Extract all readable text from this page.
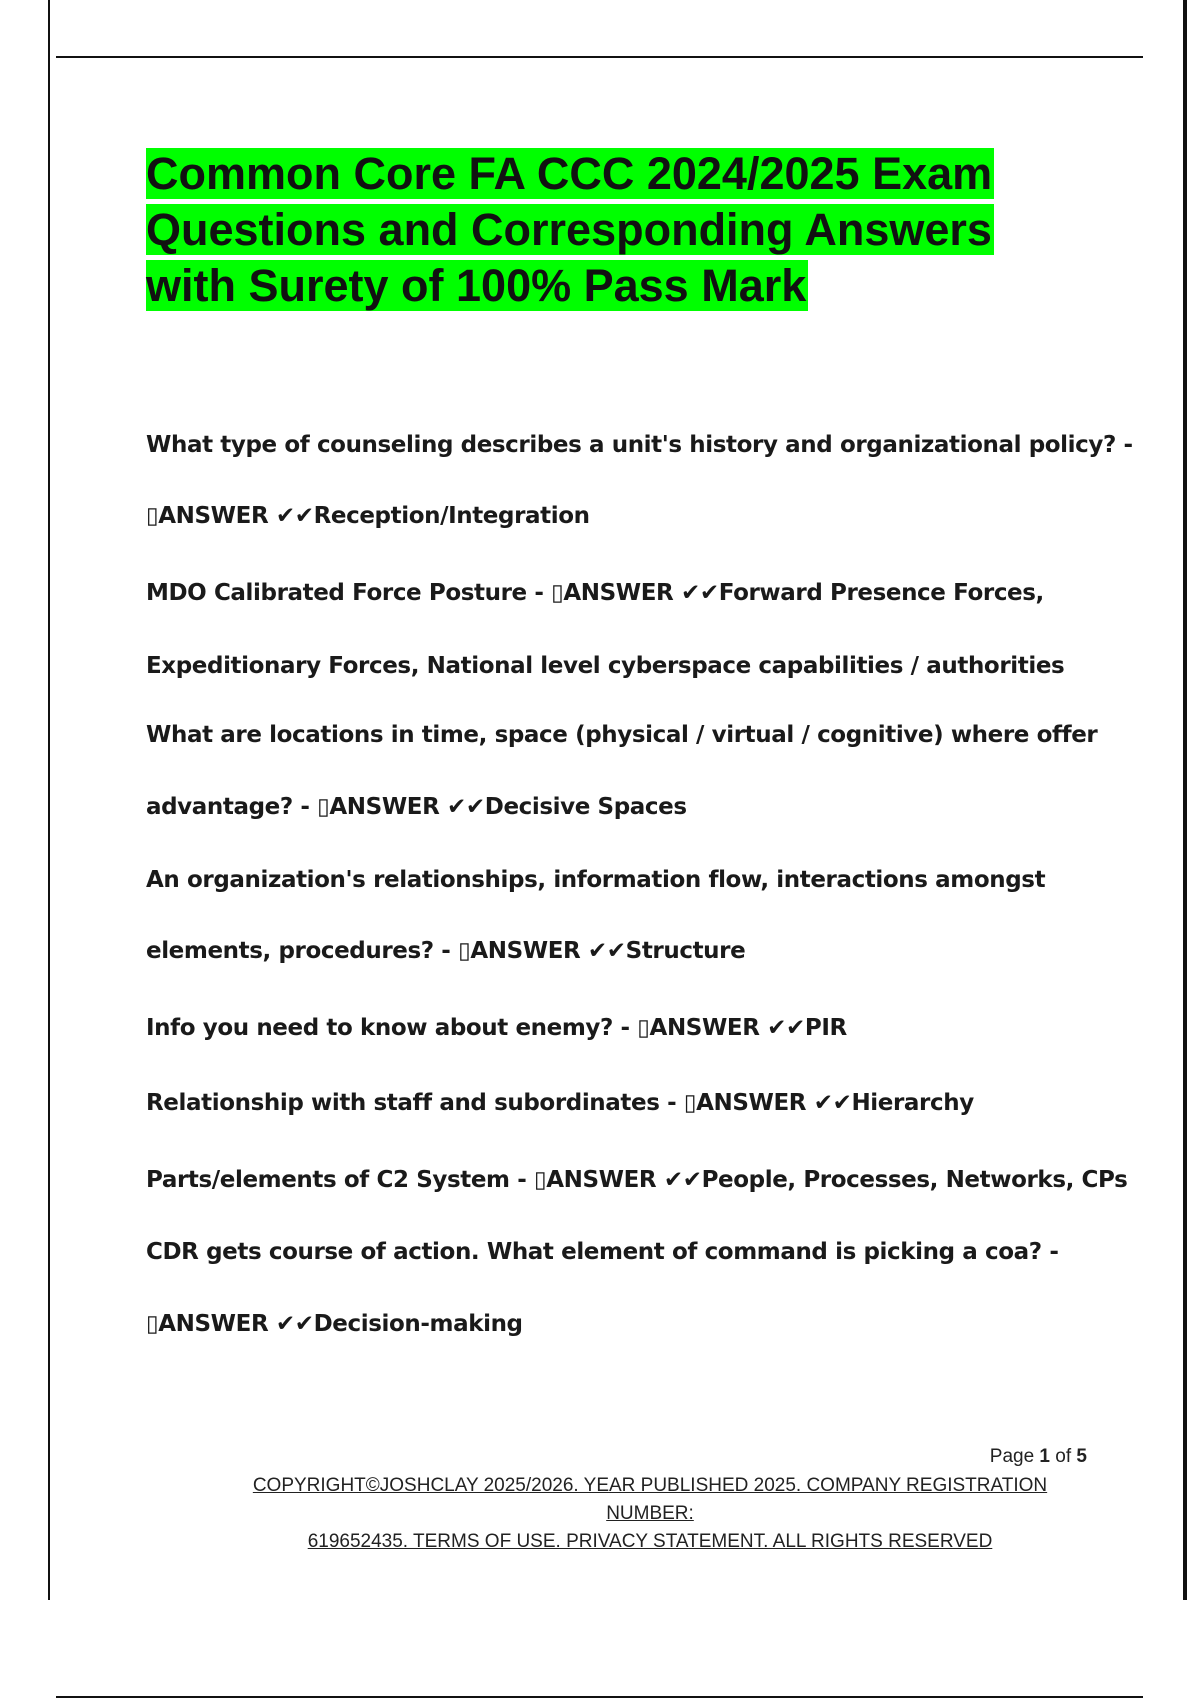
Common Core FA CCC 2024/2025 Exam
Questions and Corresponding Answers
with Surety of 100% Pass Mark

What type of counseling describes a unit's history and organizational policy? -

▯ANSWER ✔✔Reception/Integration

MDO Calibrated Force Posture - ▯ANSWER ✔✔Forward Presence Forces,

Expeditionary Forces, National level cyberspace capabilities / authorities

What are locations in time, space (physical / virtual / cognitive) where offer

advantage? - ▯ANSWER ✔✔Decisive Spaces

An organization's relationships, information flow, interactions amongst

elements, procedures? - ▯ANSWER ✔✔Structure

Info you need to know about enemy? - ▯ANSWER ✔✔PIR

Relationship with staff and subordinates - ▯ANSWER ✔✔Hierarchy

Parts/elements of C2 System - ▯ANSWER ✔✔People, Processes, Networks, CPs

CDR gets course of action. What element of command is picking a coa? -

▯ANSWER ✔✔Decision-making

Page 1 of 5
COPYRIGHT©JOSHCLAY 2025/2026. YEAR PUBLISHED 2025. COMPANY REGISTRATION NUMBER:
619652435. TERMS OF USE. PRIVACY STATEMENT. ALL RIGHTS RESERVED
